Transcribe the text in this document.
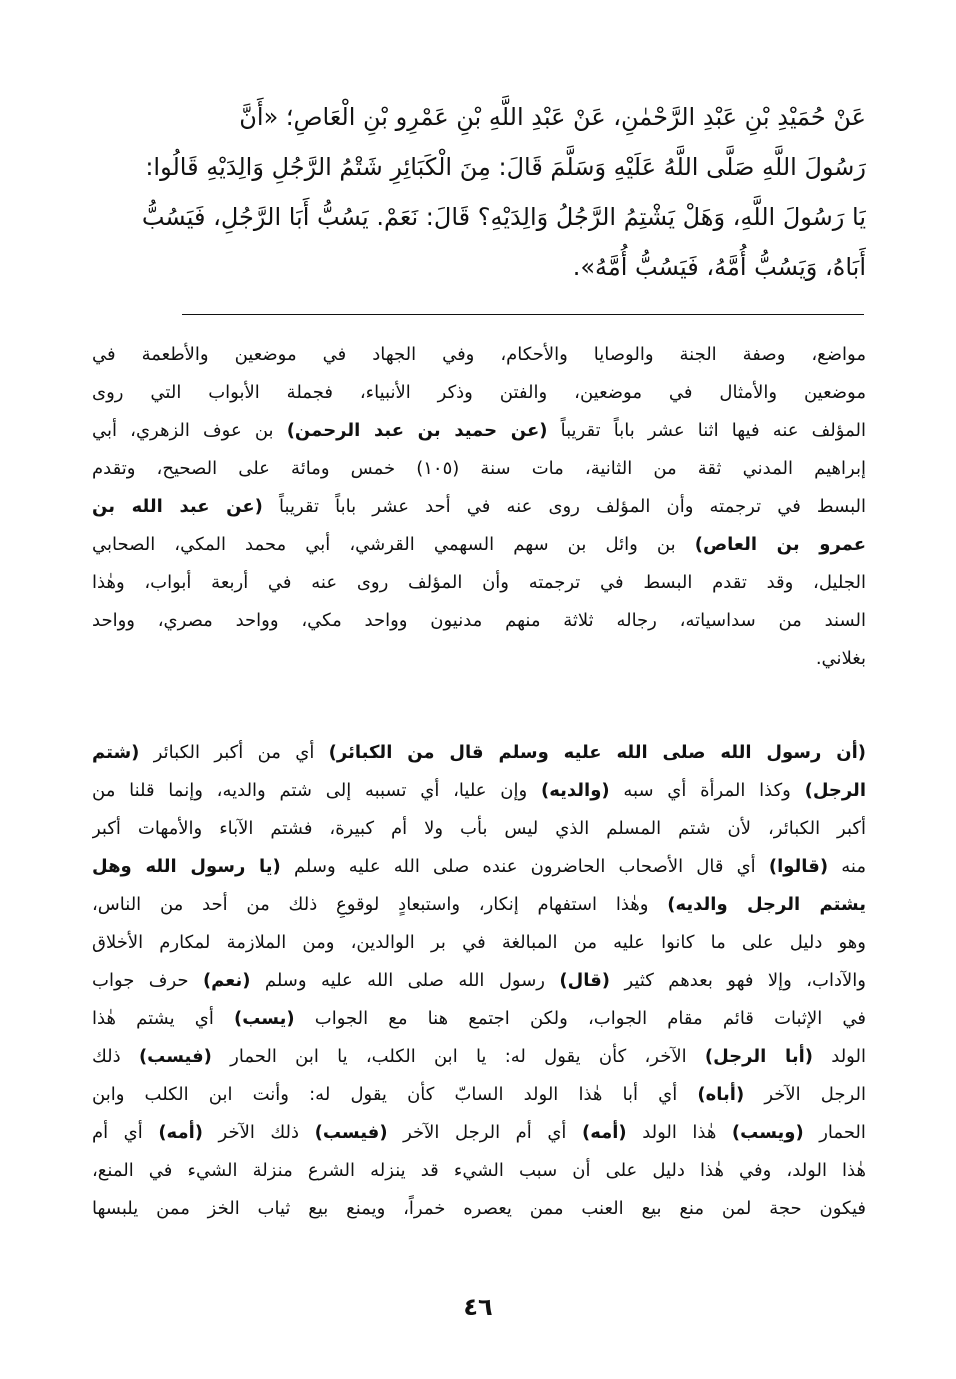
عَنْ حُمَيْدِ بْنِ عَبْدِ الرَّحْمٰنِ، عَنْ عَبْدِ اللَّهِ بْنِ عَمْرِو بْنِ الْعَاصِ؛ «أَنَّ
رَسُولَ اللَّهِ صَلَّى اللَّهُ عَلَيْهِ وَسَلَّمَ قَالَ: مِنَ الْكَبَائِرِ شَتْمُ الرَّجُلِ وَالِدَيْهِ قَالُوا:
يَا رَسُولَ اللَّهِ، وَهَلْ يَشْتِمُ الرَّجُلُ وَالِدَيْهِ؟ قَالَ: نَعَمْ. يَسُبُّ أَبَا الرَّجُلِ، فَيَسُبُّ
أَبَاهُ، وَيَسُبُّ أُمَّهُ، فَيَسُبُّ أُمَّهُ».

مواضع، وصفة الجنة والوصايا والأحكام، وفي الجهاد في موضعين والأطعمة في
موضعين والأمثال في موضعين، والفتن وذكر الأنبياء، فجملة الأبواب التي روى
المؤلف عنه فيها اثنا عشر باباً تقريباً (عن حميد بن عبد الرحمن) بن عوف الزهري، أبي
إبراهيم المدني ثقة من الثانية، مات سنة (١٠٥) خمس ومائة على الصحيح، وتقدم
البسط في ترجمته وأن المؤلف روى عنه في أحد عشر باباً تقريباً (عن عبد الله بن
عمرو بن العاص) بن وائل بن سهم السهمي القرشي، أبي محمد المكي، الصحابي
الجليل، وقد تقدم البسط في ترجمته وأن المؤلف روى عنه في أربعة أبواب، وهٰذا
السند من سداسياته، رجاله ثلاثة منهم مدنيون وواحد مكي، وواحد مصري، وواحد
بغلاني.
(أن رسول الله صلى الله عليه وسلم قال من الكبائر) أي من أكبر الكبائر (شتم
الرجل) وكذا المرأة أي سبه (والديه) وإن عليا، أي تسببه إلى شتم والديه، وإنما قلنا من
أكبر الكبائر، لأن شتم المسلم الذي ليس بأب ولا أم كبيرة، فشتم الآباء والأمهات أكبر
منه (قالوا) أي قال الأصحاب الحاضرون عنده صلى الله عليه وسلم (يا رسول الله وهل
يشتم الرجل والديه) وهٰذا استفهام إنكار، واستبعادٍ لوقوعِ ذلك من أحد من الناس،
وهو دليل على ما كانوا عليه من المبالغة في بر الوالدين، ومن الملازمة لمكارم الأخلاق
والآداب، وإلا فهو بعدهم كثير (قال) رسول الله صلى الله عليه وسلم (نعم) حرف جواب
في الإثبات قائم مقام الجواب، ولكن اجتمع هنا مع الجواب (يسب) أي يشتم هٰذا
الولد (أبا الرجل) الآخر، كأن يقول له: يا ابن الكلب، يا ابن الحمار (فيسب) ذلك
الرجل الآخر (أباه) أي أبا هٰذا الولد السابّ كأن يقول له: وأنت ابن الكلب وابن
الحمار (ويسب) هٰذا الولد (أمه) أي أم الرجل الآخر (فيسب) ذلك الآخر (أمه) أي أم
هٰذا الولد، وفي هٰذا دليل على أن سبب الشيء قد ينزله الشرع منزلة الشيء في المنع،
فيكون حجة لمن منع بيع العنب ممن يعصره خمراً، ويمنع بيع ثياب الخز ممن يلبسها
٤٦
